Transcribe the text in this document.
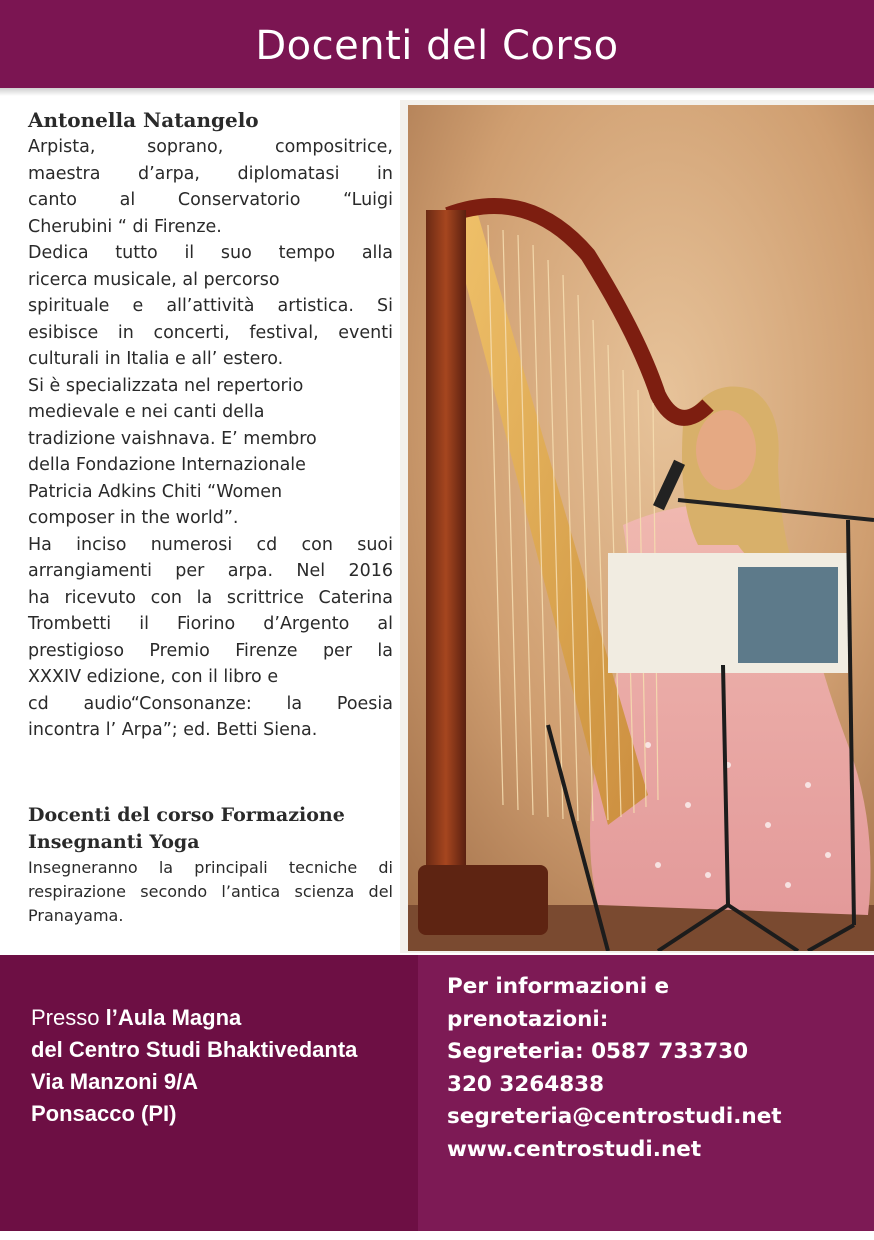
Docenti del Corso

Antonella Natangelo

Arpista, soprano, compositrice,
maestra d’arpa, diplomatasi in
canto al Conservatorio “Luigi
Cherubini “ di Firenze.
Dedica tutto il suo tempo alla
ricerca musicale, al percorso
spirituale e all’attività artistica. Si
esibisce in concerti, festival, eventi
culturali in Italia e all’ estero.
Si è specializzata nel repertorio
medievale e nei canti della
tradizione vaishnava. E’ membro
della Fondazione Internazionale
Patricia Adkins Chiti “Women
composer in the world”.
Ha inciso numerosi cd con suoi
arrangiamenti per arpa. Nel 2016
ha ricevuto con la scrittrice Caterina
Trombetti il Fiorino d’Argento al
prestigioso Premio Firenze per la
XXXIV edizione, con il libro e
cd audio“Consonanze: la Poesia
incontra l’ Arpa”; ed. Betti Siena.

Docenti del corso Formazione
Insegnanti Yoga

Insegneranno la principali tecniche di
respirazione secondo l’antica scienza del
Pranayama.

Presso l’Aula Magna
del Centro Studi Bhaktivedanta
Via Manzoni 9/A
Ponsacco (PI)
Per informazioni e
prenotazioni:
Segreteria: 0587 733730
320 3264838
segreteria@centrostudi.net
www.centrostudi.net
